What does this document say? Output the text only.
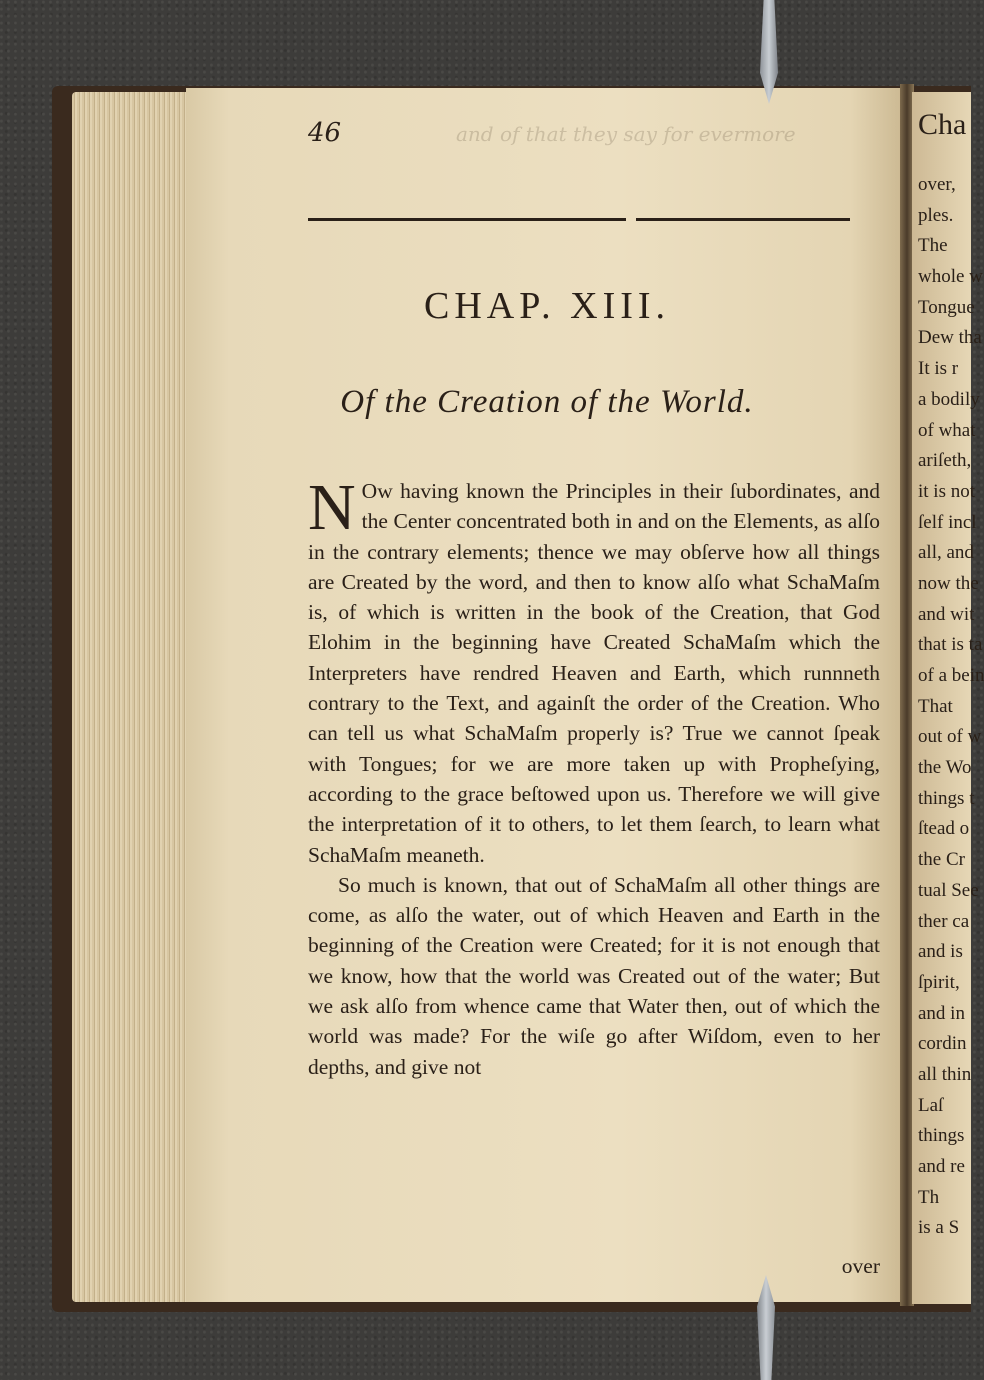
46	and of that they say for evermore
CHAP. XIII.
Of the Creation of the World.

N Ow having known the Principles in their ſubordinates, and the Center concentrated both in and on the Elements, as alſo in the contrary elements; thence we may obſerve how all things are Created by the word, and then to know alſo what SchaMaſm is, of which is written in the book of the Creation, that God Elohim in the beginning have Created SchaMaſm which the Interpreters have rendred Heaven and Earth, which runnneth contrary to the Text, and againſt the order of the Creation. Who can tell us what SchaMaſm properly is? True we cannot ſpeak with Tongues; for we are more taken up with Propheſying, according to the grace beſtowed upon us. Therefore we will give the interpretation of it to others, to let them ſearch, to learn what SchaMaſm meaneth.

So much is known, that out of SchaMaſm all other things are come, as alſo the water, out of which Heaven and Earth in the beginning of the Creation were Created; for it is not enough that we know, how that the world was Created out of the water; But we ask alſo from whence came that Water then, out of which the world was made? For the wiſe go after Wiſdom, even to her depths, and give not

over
Cha
over,
ples.
The
whole w
Tongue
Dew tha
It is r
a bodily
of what
ariſeth,
it is not
ſelf incl
all, and
now the
and wit
that is ta
of a bein
That
out of w
the Wo
things t
ſtead o
the Cr
tual See
ther ca
and is
ſpirit,
and in
cordin
all thin
Laſ
things
and re
Th
is a S
